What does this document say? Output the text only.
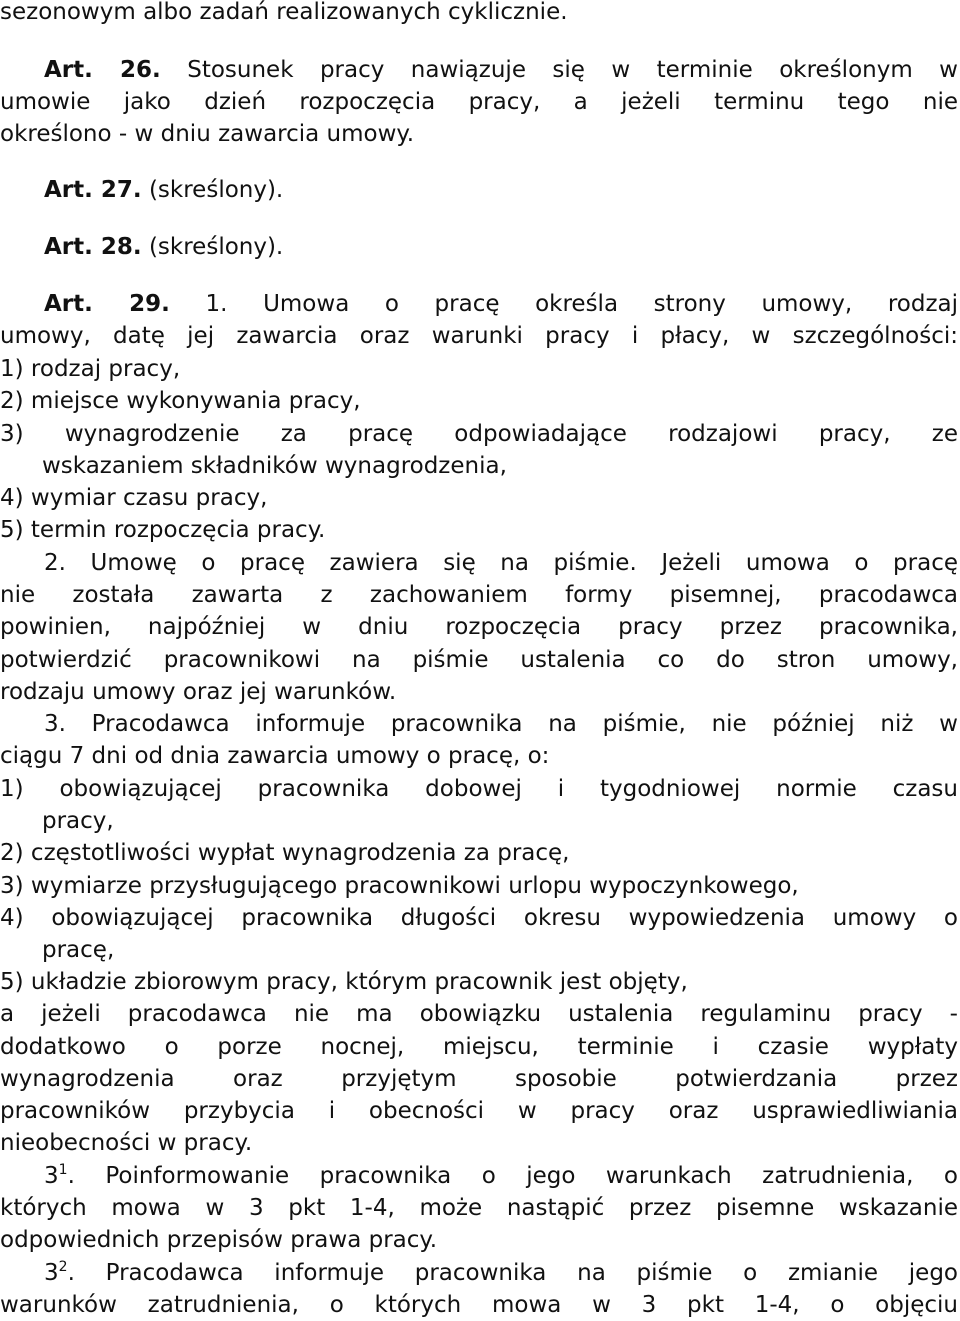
sezonowym albo zadań realizowanych cyklicznie.
Art. 26. Stosunek pracy nawiązuje się w terminie określonym w
umowie jako dzień rozpoczęcia pracy, a jeżeli terminu tego nie
określono - w dniu zawarcia umowy.
Art. 27. (skreślony).
Art. 28. (skreślony).
Art. 29. 1. Umowa o pracę określa strony umowy, rodzaj
umowy, datę jej zawarcia oraz warunki pracy i płacy, w szczególności:
1) rodzaj pracy,
2) miejsce wykonywania pracy,
3) wynagrodzenie za pracę odpowiadające rodzajowi pracy, ze
wskazaniem składników wynagrodzenia,
4) wymiar czasu pracy,
5) termin rozpoczęcia pracy.
2. Umowę o pracę zawiera się na piśmie. Jeżeli umowa o pracę
nie została zawarta z zachowaniem formy pisemnej, pracodawca
powinien, najpóźniej w dniu rozpoczęcia pracy przez pracownika,
potwierdzić pracownikowi na piśmie ustalenia co do stron umowy,
rodzaju umowy oraz jej warunków.
3. Pracodawca informuje pracownika na piśmie, nie później niż w
ciągu 7 dni od dnia zawarcia umowy o pracę, o:
1) obowiązującej pracownika dobowej i tygodniowej normie czasu
pracy,
2) częstotliwości wypłat wynagrodzenia za pracę,
3) wymiarze przysługującego pracownikowi urlopu wypoczynkowego,
4) obowiązującej pracownika długości okresu wypowiedzenia umowy o
pracę,
5) układzie zbiorowym pracy, którym pracownik jest objęty,
a jeżeli pracodawca nie ma obowiązku ustalenia regulaminu pracy -
dodatkowo o porze nocnej, miejscu, terminie i czasie wypłaty
wynagrodzenia oraz przyjętym sposobie potwierdzania przez
pracowników przybycia i obecności w pracy oraz usprawiedliwiania
nieobecności w pracy.
$3^1$. Poinformowanie pracownika o jego warunkach zatrudnienia, o
których mowa w 3 pkt 1-4, może nastąpić przez pisemne wskazanie
odpowiednich przepisów prawa pracy.
$3^2$. Pracodawca informuje pracownika na piśmie o zmianie jego
warunków zatrudnienia, o których mowa w 3 pkt 1-4, o objęciu
